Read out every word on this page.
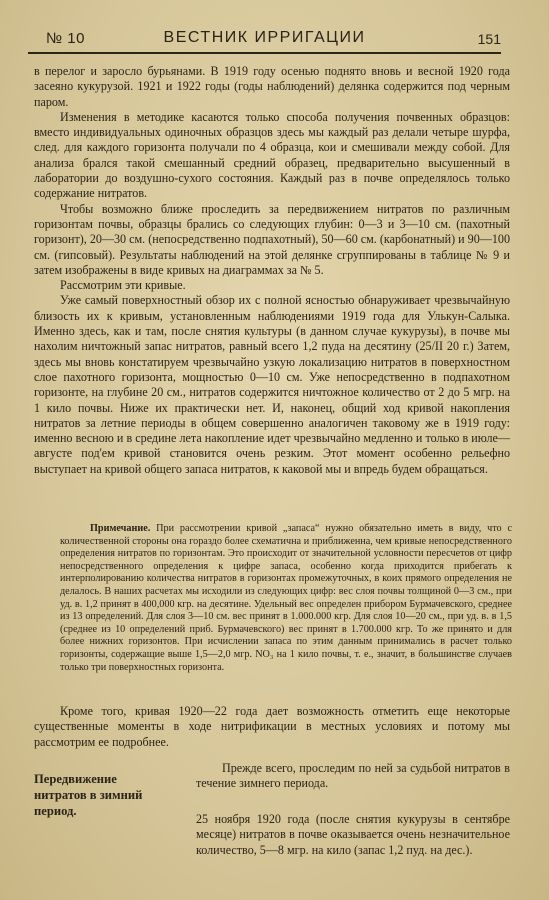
№ 10	ВЕСТНИК ИРРИГАЦИИ	151

в перелог и заросло бурьянами. В 1919 году осенью поднято вновь и весной 1920 года засеяно кукурузой. 1921 и 1922 годы (годы наблюдений) делянка содержится под черным паром.

Изменения в методике касаются только способа получения почвенных образцов: вместо индивидуальных одиночных образцов здесь мы каждый раз делали четыре шурфа, след. для каждого горизонта получали по 4 образца, кои и смешивали между собой. Для анализа брался такой смешанный средний образец, предварительно высушенный в лаборатории до воздушно-сухого состояния. Каждый раз в почве определялось только содержание нитратов.

Чтобы возможно ближе проследить за передвижением нитратов по различным горизонтам почвы, образцы брались со следующих глубин: 0—3 и 3—10 см. (пахотный горизонт), 20—30 см. (непосредственно подпахотный), 50—60 см. (карбонатный) и 90—100 см. (гипсовый). Результаты наблюдений на этой делянке сгруппированы в таблице № 9 и затем изображены в виде кривых на диаграммах за № 5.

Рассмотрим эти кривые.

Уже самый поверхностный обзор их с полной ясностью обнаруживает чрезвычайную близость их к кривым, установленным наблюдениями 1919 года для Улькун-Салыка. Именно здесь, как и там, после снятия культуры (в данном случае кукурузы), в почве мы нахолим ничтожный запас нитратов, равный всего 1,2 пуда на десятину (25/II 20 г.) Затем, здесь мы вновь констатируем чрезвычайно узкую локализацию нитратов в поверхностном слое пахотного горизонта, мощностью 0—10 см. Уже непосредственно в подпахотном горизонте, на глубине 20 см., нитратов содержится ничтожное количество от 2 до 5 мгр. на 1 кило почвы. Ниже их практически нет. И, наконец, общий ход кривой накопления нитратов за летние периоды в общем совершенно аналогичен таковому же в 1919 году: именно весною и в средине лета накопление идет чрезвычайно медленно и только в июле—августе под'ем кривой становится очень резким. Этот момент особенно рельефно выступает на кривой общего запаса нитратов, к каковой мы и впредь будем обращаться.

Примечание. При рассмотрении кривой „запаса“ нужно обязательно иметь в виду, что с количественной стороны она гораздо более схематична и приближенна, чем кривые непосредственного определения нитратов по горизонтам. Это происходит от значительной условности пересчетов от цифр непосредственного определения к цифре запаса, особенно когда приходится прибегать к интерполированию количества нитратов в горизонтах промежуточных, в коих прямого определения не делалось. В наших расчетах мы исходили из следующих цифр: вес слоя почвы толщиной 0—3 см., при уд. в. 1,2 принят в 400,000 кгр. на десятине. Удельный вес определен прибором Бурмачевского, среднее из 13 определений. Для слоя 3—10 см. вес принят в 1.000.000 кгр. Для слоя 10—20 см., при уд. в. в 1,5 (среднее из 10 определений приб. Бурмачевского) вес принят в 1.700.000 кгр. То же принято и для более нижних горизонтов. При исчислении запаса по этим данным принимались в расчет только горизонты, содержащие выше 1,5—2,0 мгр. NO₃ на 1 кило почвы, т. е., значит, в большинстве случаев только три поверхностных горизонта.

Кроме того, кривая 1920—22 года дает возможность отметить еще некоторые существенные моменты в ходе нитрификации в местных условиях и потому мы рассмотрим ее подробнее.

Передвижение нитратов в зимний период.

Прежде всего, проследим по ней за судьбой нитратов в течение зимнего периода.

25 ноября 1920 года (после снятия кукурузы в сентябре месяце) нитратов в почве оказывается очень незначительное количество, 5—8 мгр. на кило (запас 1,2 пуд. на дес.).
